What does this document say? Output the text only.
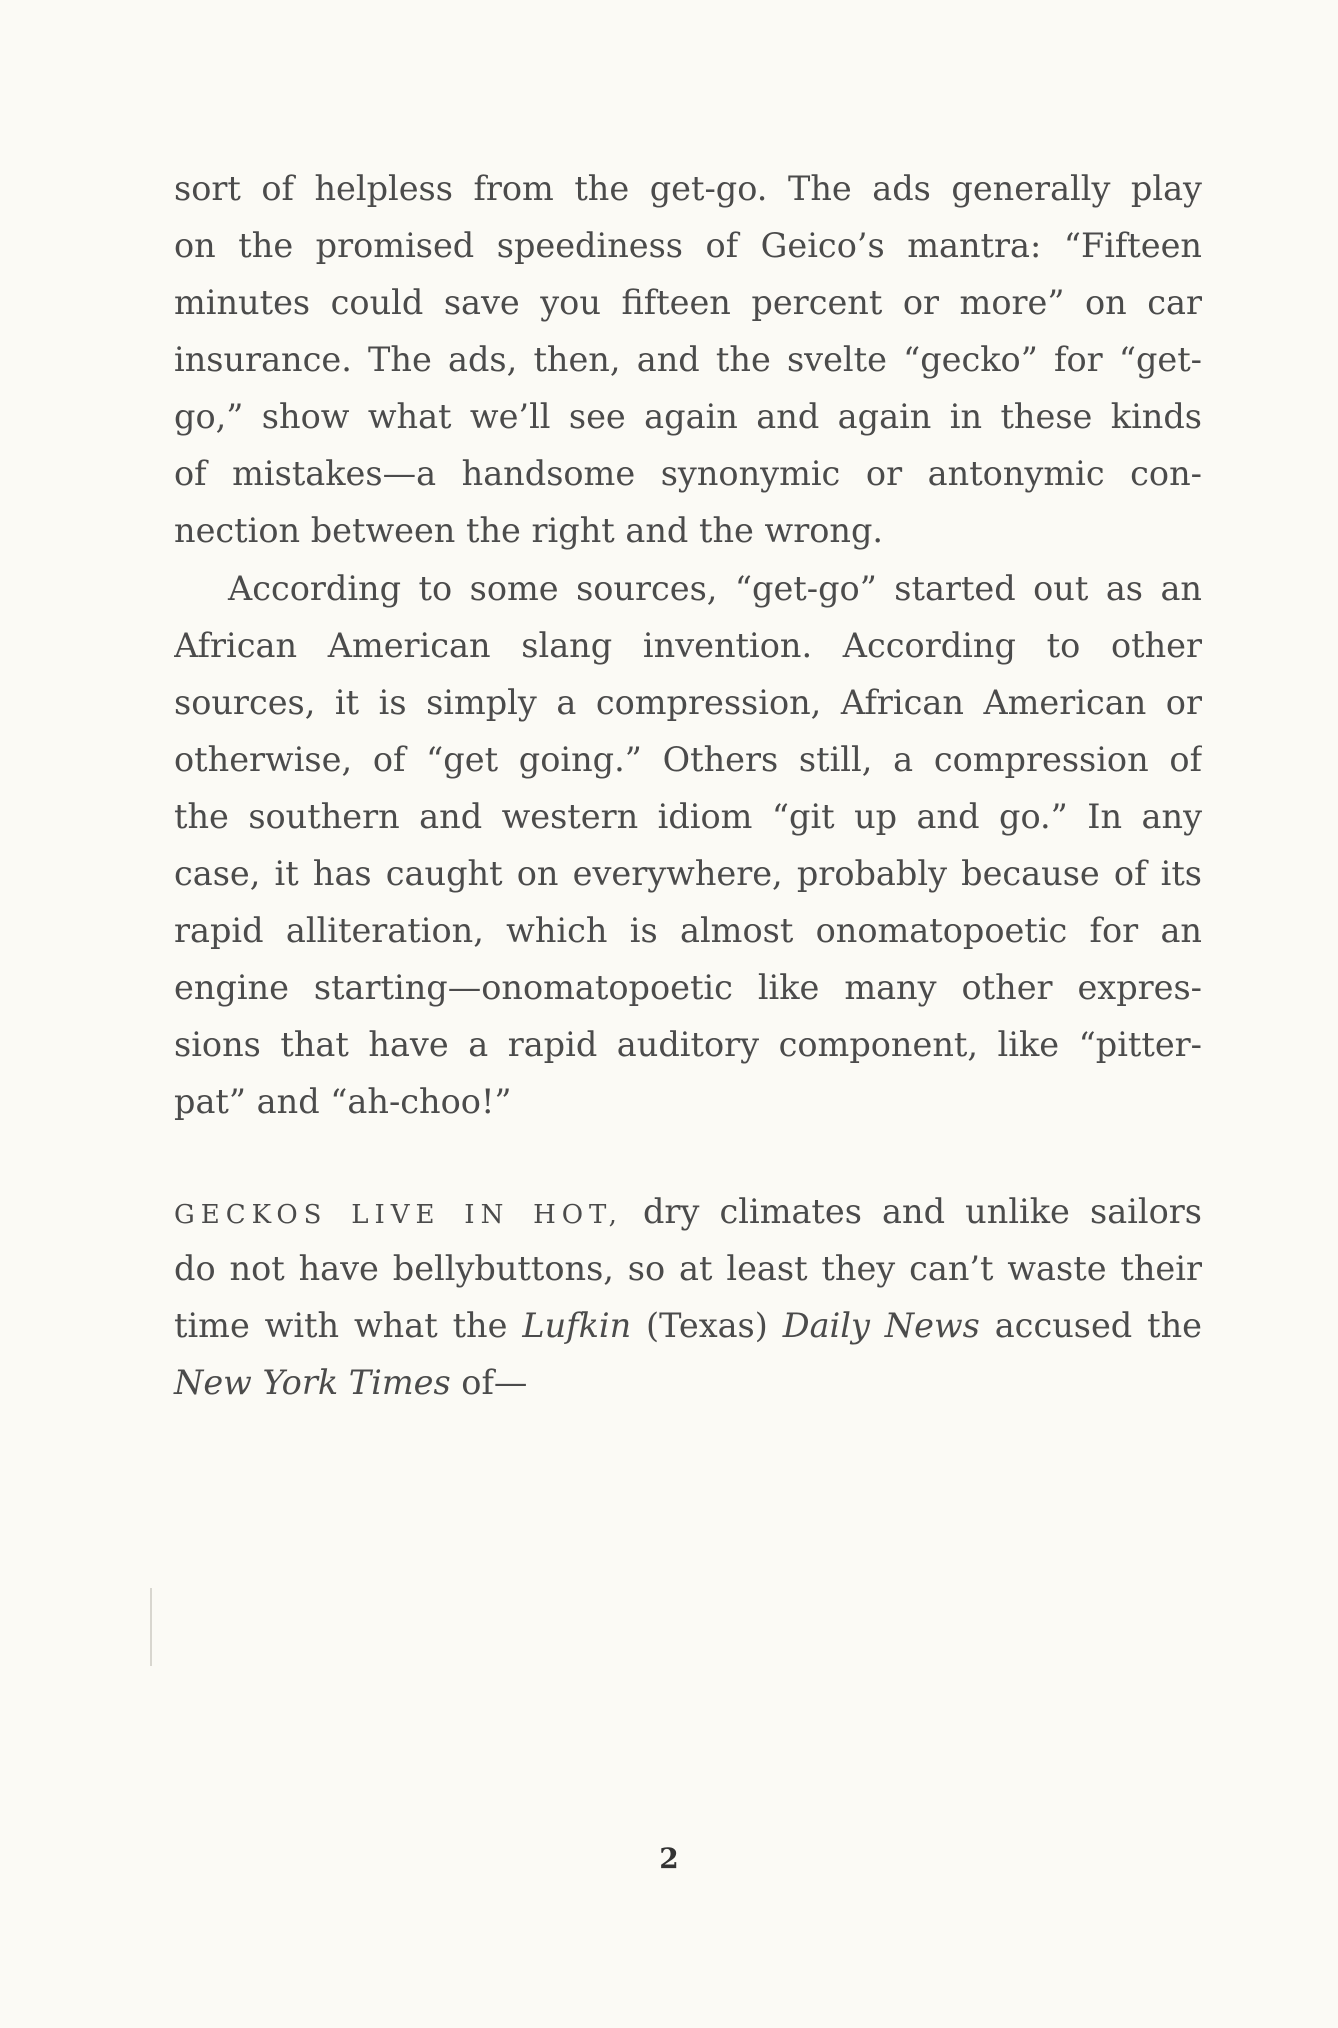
sort of helpless from the get-go. The ads generally play
on the promised speediness of Geico’s mantra: “Fifteen
minutes could save you fifteen percent or more” on car
insurance. The ads, then, and the svelte “gecko” for “get-
go,” show what we’ll see again and again in these kinds
of mistakes—a handsome synonymic or antonymic con-
nection between the right and the wrong.
According to some sources, “get-go” started out as an
African American slang invention. According to other
sources, it is simply a compression, African American or
otherwise, of “get going.” Others still, a compression of
the southern and western idiom “git up and go.” In any
case, it has caught on everywhere, probably because of its
rapid alliteration, which is almost onomatopoetic for an
engine starting—onomatopoetic like many other expres-
sions that have a rapid auditory component, like “pitter-
pat” and “ah-choo!”
GECKOS LIVE IN HOT, dry climates and unlike sailors
do not have bellybuttons, so at least they can’t waste their
time with what the Lufkin (Texas) Daily News accused the
New York Times of—
2
